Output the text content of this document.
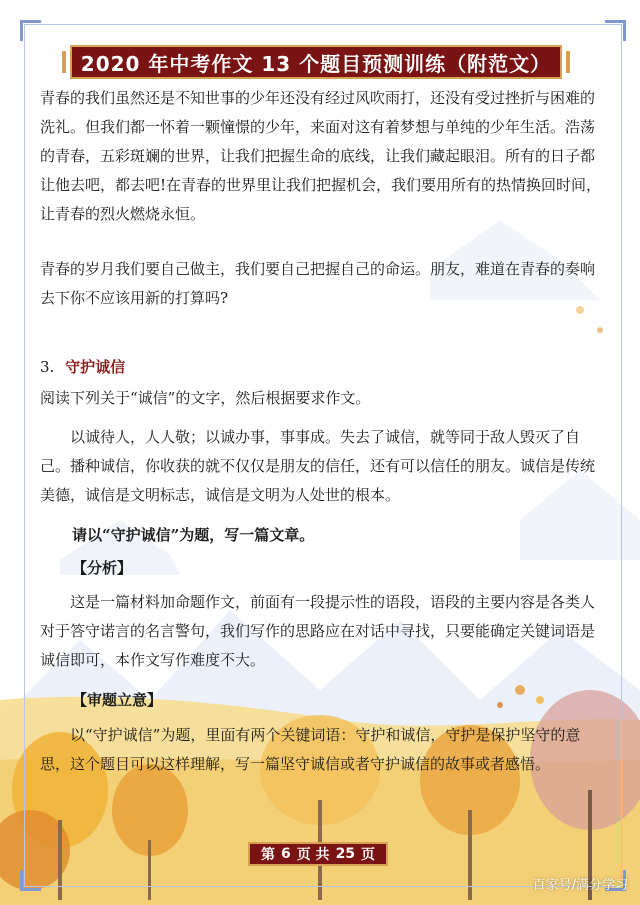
2020 年中考作文 13 个题目预测训练（附范文）

青春的我们虽然还是不知世事的少年还没有经过风吹雨打，还没有受过挫折与困难的洗礼。但我们都一怀着一颗憧憬的少年，来面对这有着梦想与单纯的少年生活。浩荡的青春，五彩斑斓的世界，让我们把握生命的底线，让我们藏起眼泪。所有的日子都让他去吧，都去吧!在青春的世界里让我们把握机会，我们要用所有的热情换回时间，让青春的烈火燃烧永恒。

青春的岁月我们要自己做主，我们要自己把握自己的命运。朋友，难道在青春的奏响去下你不应该用新的打算吗?

3. 守护诚信

阅读下列关于“诚信”的文字，然后根据要求作文。

以诚待人，人人敬；以诚办事，事事成。失去了诚信，就等同于敌人毁灭了自己。播种诚信，你收获的就不仅仅是朋友的信任，还有可以信任的朋友。诚信是传统美德，诚信是文明标志，诚信是文明为人处世的根本。

请以“守护诚信”为题，写一篇文章。

【分析】

这是一篇材料加命题作文，前面有一段提示性的语段，语段的主要内容是各类人对于答守诺言的名言警句，我们写作的思路应在对话中寻找，只要能确定关键词语是诚信即可，本作文写作难度不大。

【审题立意】

以“守护诚信”为题，里面有两个关键词语：守护和诚信，守护是保护坚守的意思，这个题目可以这样理解，写一篇坚守诚信或者守护诚信的故事或者感悟。

第 6 页 共 25 页
百家号/满分学习
